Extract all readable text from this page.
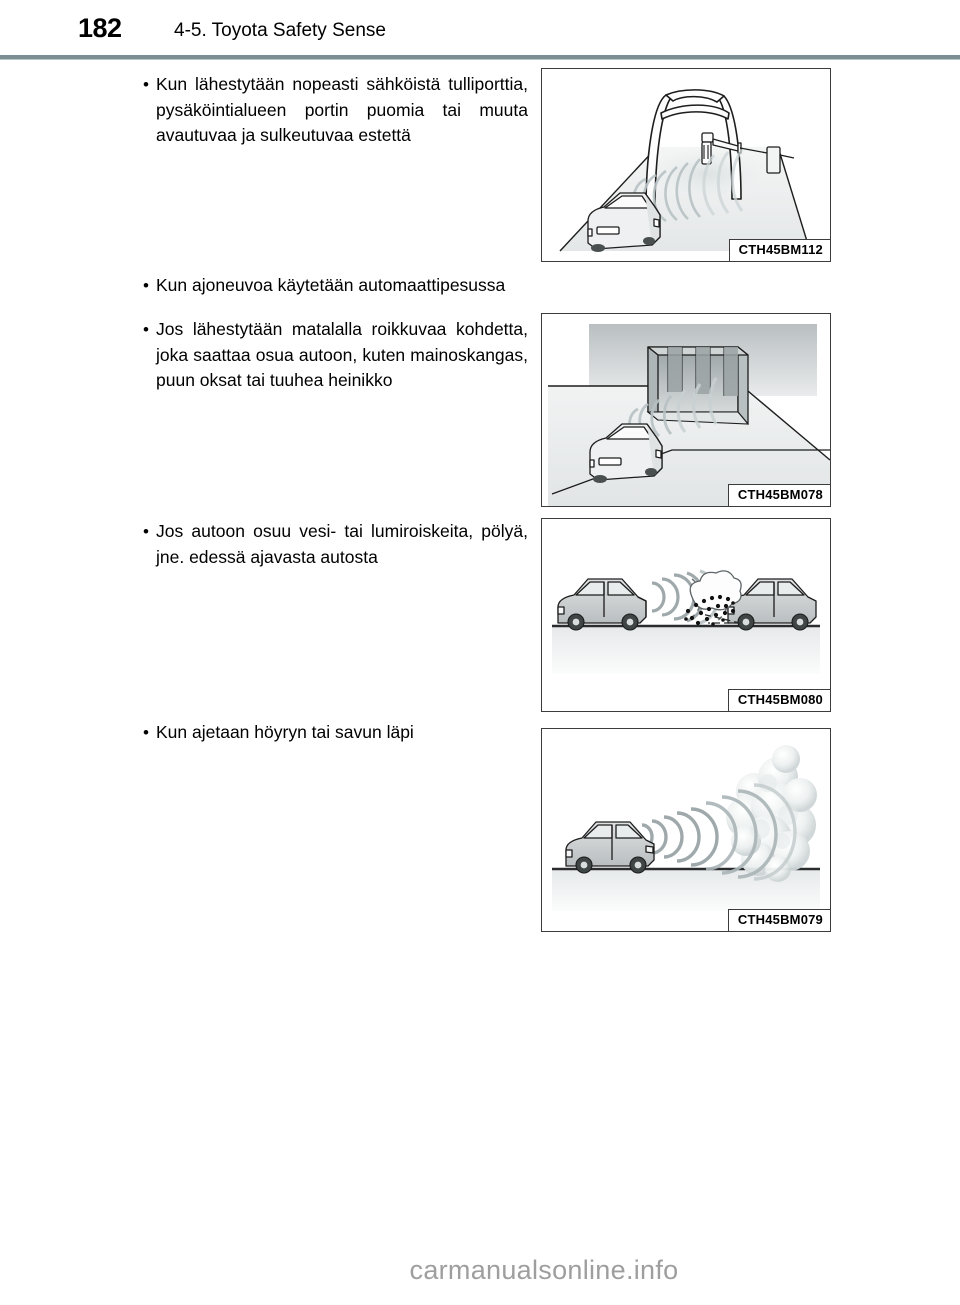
182	4-5. Toyota Safety Sense
• Kun lähestytään nopeasti sähköistä tulliporttia, pysäköintialueen portin puomia tai muuta avautuvaa ja sulkeutuvaa estettä
• Kun ajoneuvoa käytetään automaattipesussa
• Jos lähestytään matalalla roikkuvaa kohdetta, joka saattaa osua autoon, kuten mainoskangas, puun oksat tai tuuhea heinikko
• Jos autoon osuu vesi- tai lumiroiskeita, pölyä, jne. edessä ajavasta autosta
• Kun ajetaan höyryn tai savun läpi
CTH45BM112
CTH45BM078
CTH45BM080
CTH45BM079
carmanualsonline.info
